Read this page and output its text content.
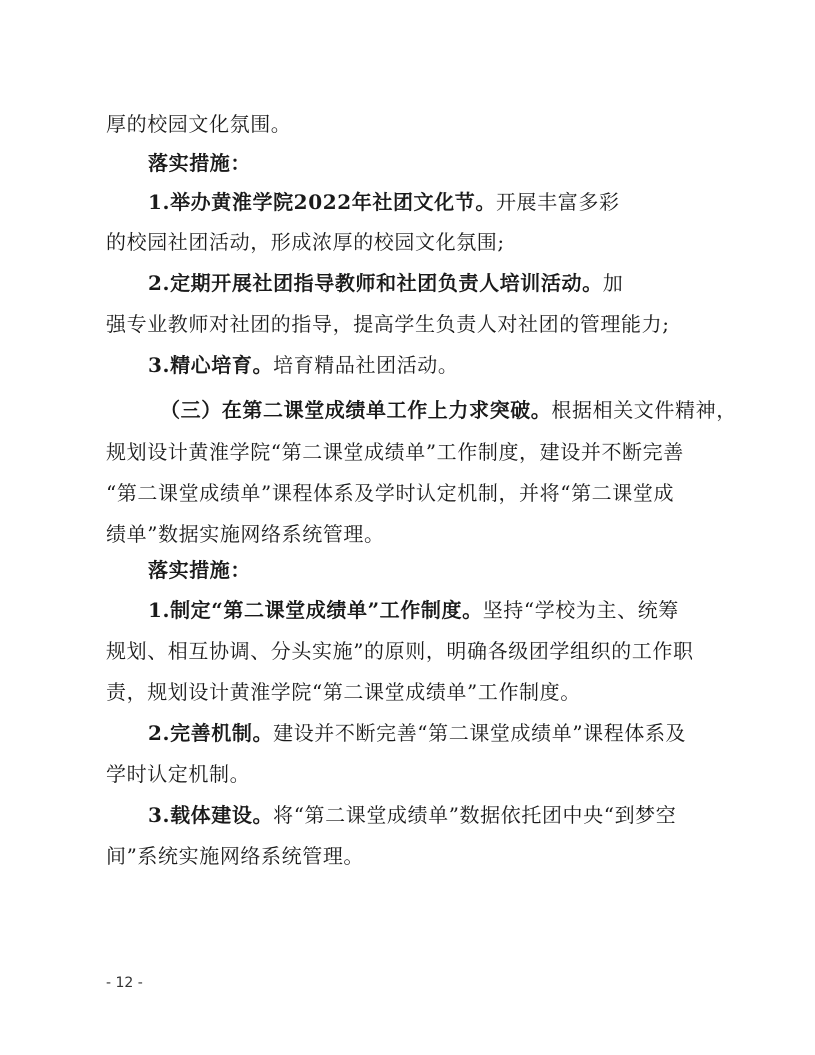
厚的校园文化氛围。
落实措施：
1.举办黄淮学院2022年社团文化节。开展丰富多彩
的校园社团活动，形成浓厚的校园文化氛围;
2.定期开展社团指导教师和社团负责人培训活动。加
强专业教师对社团的指导，提高学生负责人对社团的管理能力;
3.精心培育。培育精品社团活动。
（三）在第二课堂成绩单工作上力求突破。根据相关文件精神，
规划设计黄淮学院“第二课堂成绩单”工作制度，建设并不断完善
“第二课堂成绩单”课程体系及学时认定机制，并将“第二课堂成
绩单”数据实施网络系统管理。
落实措施：
1.制定“第二课堂成绩单”工作制度。坚持“学校为主、统筹
规划、相互协调、分头实施”的原则，明确各级团学组织的工作职
责，规划设计黄淮学院“第二课堂成绩单”工作制度。
2.完善机制。建设并不断完善“第二课堂成绩单”课程体系及
学时认定机制。
3.载体建设。将“第二课堂成绩单”数据依托团中央“到梦空
间”系统实施网络系统管理。
- 12 -
